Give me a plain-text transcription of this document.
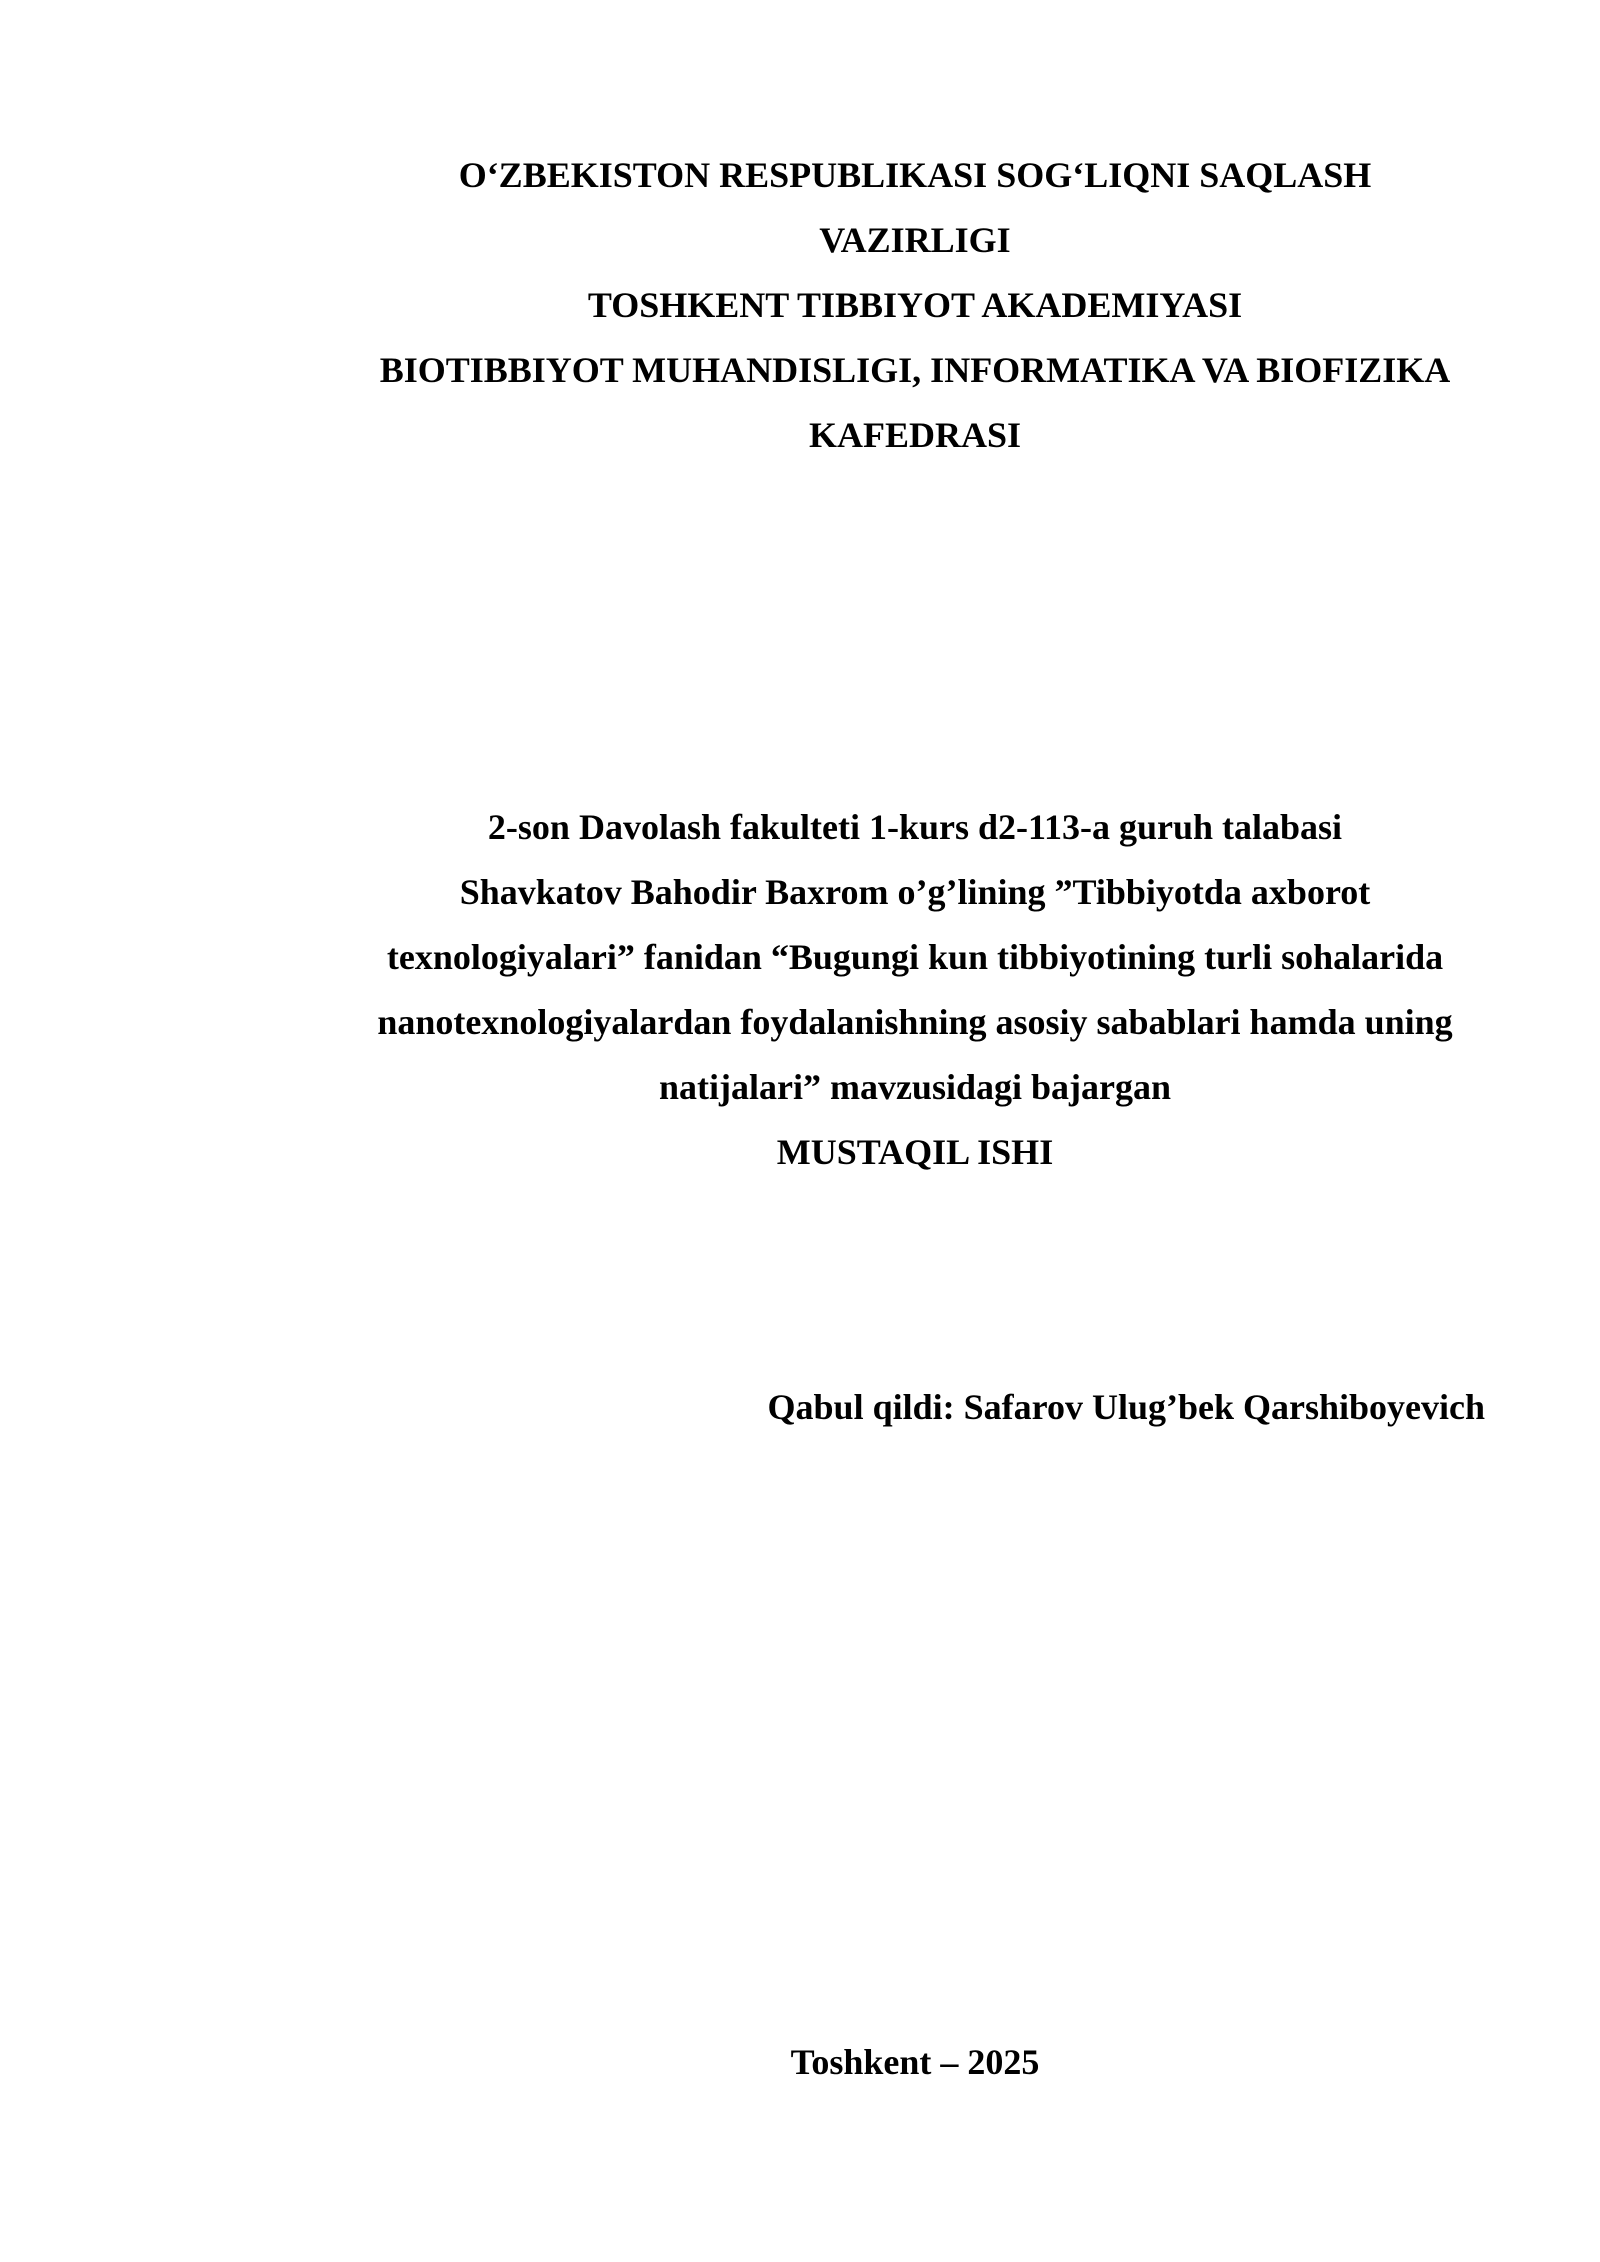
O‘ZBEKISTON RESPUBLIKASI SOG‘LIQNI SAQLASH

VAZIRLIGI

TOSHKENT TIBBIYOT AKADEMIYASI

BIOTIBBIYOT MUHANDISLIGI, INFORMATIKA VA BIOFIZIKA

KAFEDRASI

2-son Davolash fakulteti 1-kurs d2-113-a guruh talabasi

Shavkatov Bahodir Baxrom o’g’lining ”Tibbiyotda axborot

texnologiyalari” fanidan “Bugungi kun tibbiyotining turli sohalarida

nanotexnologiyalardan foydalanishning asosiy sabablari hamda uning

natijalari” mavzusidagi bajargan

MUSTAQIL ISHI

Qabul qildi: Safarov Ulug’bek Qarshiboyevich
Toshkent – 2025
